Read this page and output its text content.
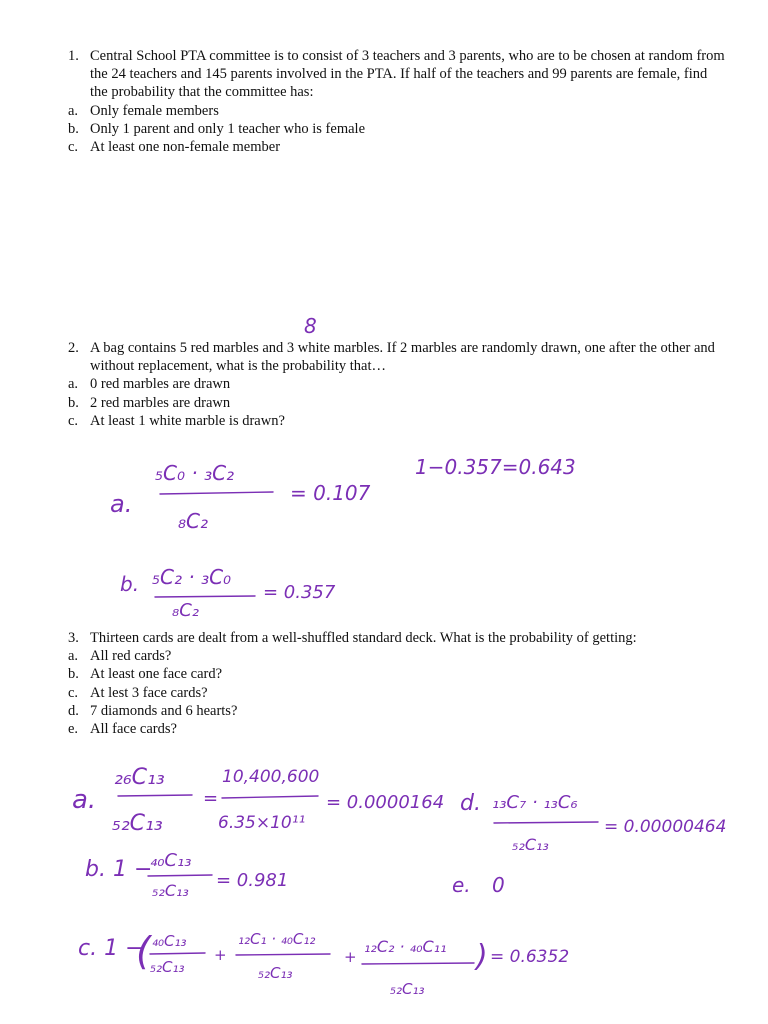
1. Central School PTA committee is to consist of 3 teachers and 3 parents, who are to be chosen at random from the 24 teachers and 145 parents involved in the PTA. If half of the teachers and 99 parents are female, find the probability that the committee has:
a. Only female members
b. Only 1 parent and only 1 teacher who is female
c. At least one non-female member
2. A bag contains 5 red marbles and 3 white marbles. If 2 marbles are randomly drawn, one after the other and without replacement, what is the probability that…
a. 0 red marbles are drawn
b. 2 red marbles are drawn
c. At least 1 white marble is drawn?
3. Thirteen cards are dealt from a well-shuffled standard deck. What is the probability of getting:
a. All red cards?
b. At least one face card?
c. At lest 3 face cards?
d. 7 diamonds and 6 hearts?
e. All face cards?
8
1−0.357=0.643
a.
₅C₀ · ₃C₂
₈C₂
= 0.107
b. ₅C₂ · ₃C₀
₈C₂
= 0.357
a.
₂₆C₁₃
₅₂C₁₃
=
10,400,600
6.35×10¹¹
= 0.0000164 d. ₁₃C₇ · ₁₃C₆
₅₂C₁₃
= 0.00000464
b. 1 −
₄₀C₁₃
₅₂C₁₃ = 0.981	e. 0
c. 1 −
( ₄₀C₁₃
₅₂C₁₃
+
₁₂C₁ · ₄₀C₁₂
₅₂C₁₃
+
₁₂C₂ · ₄₀C₁₁
₅₂C₁₃
) = 0.6352
